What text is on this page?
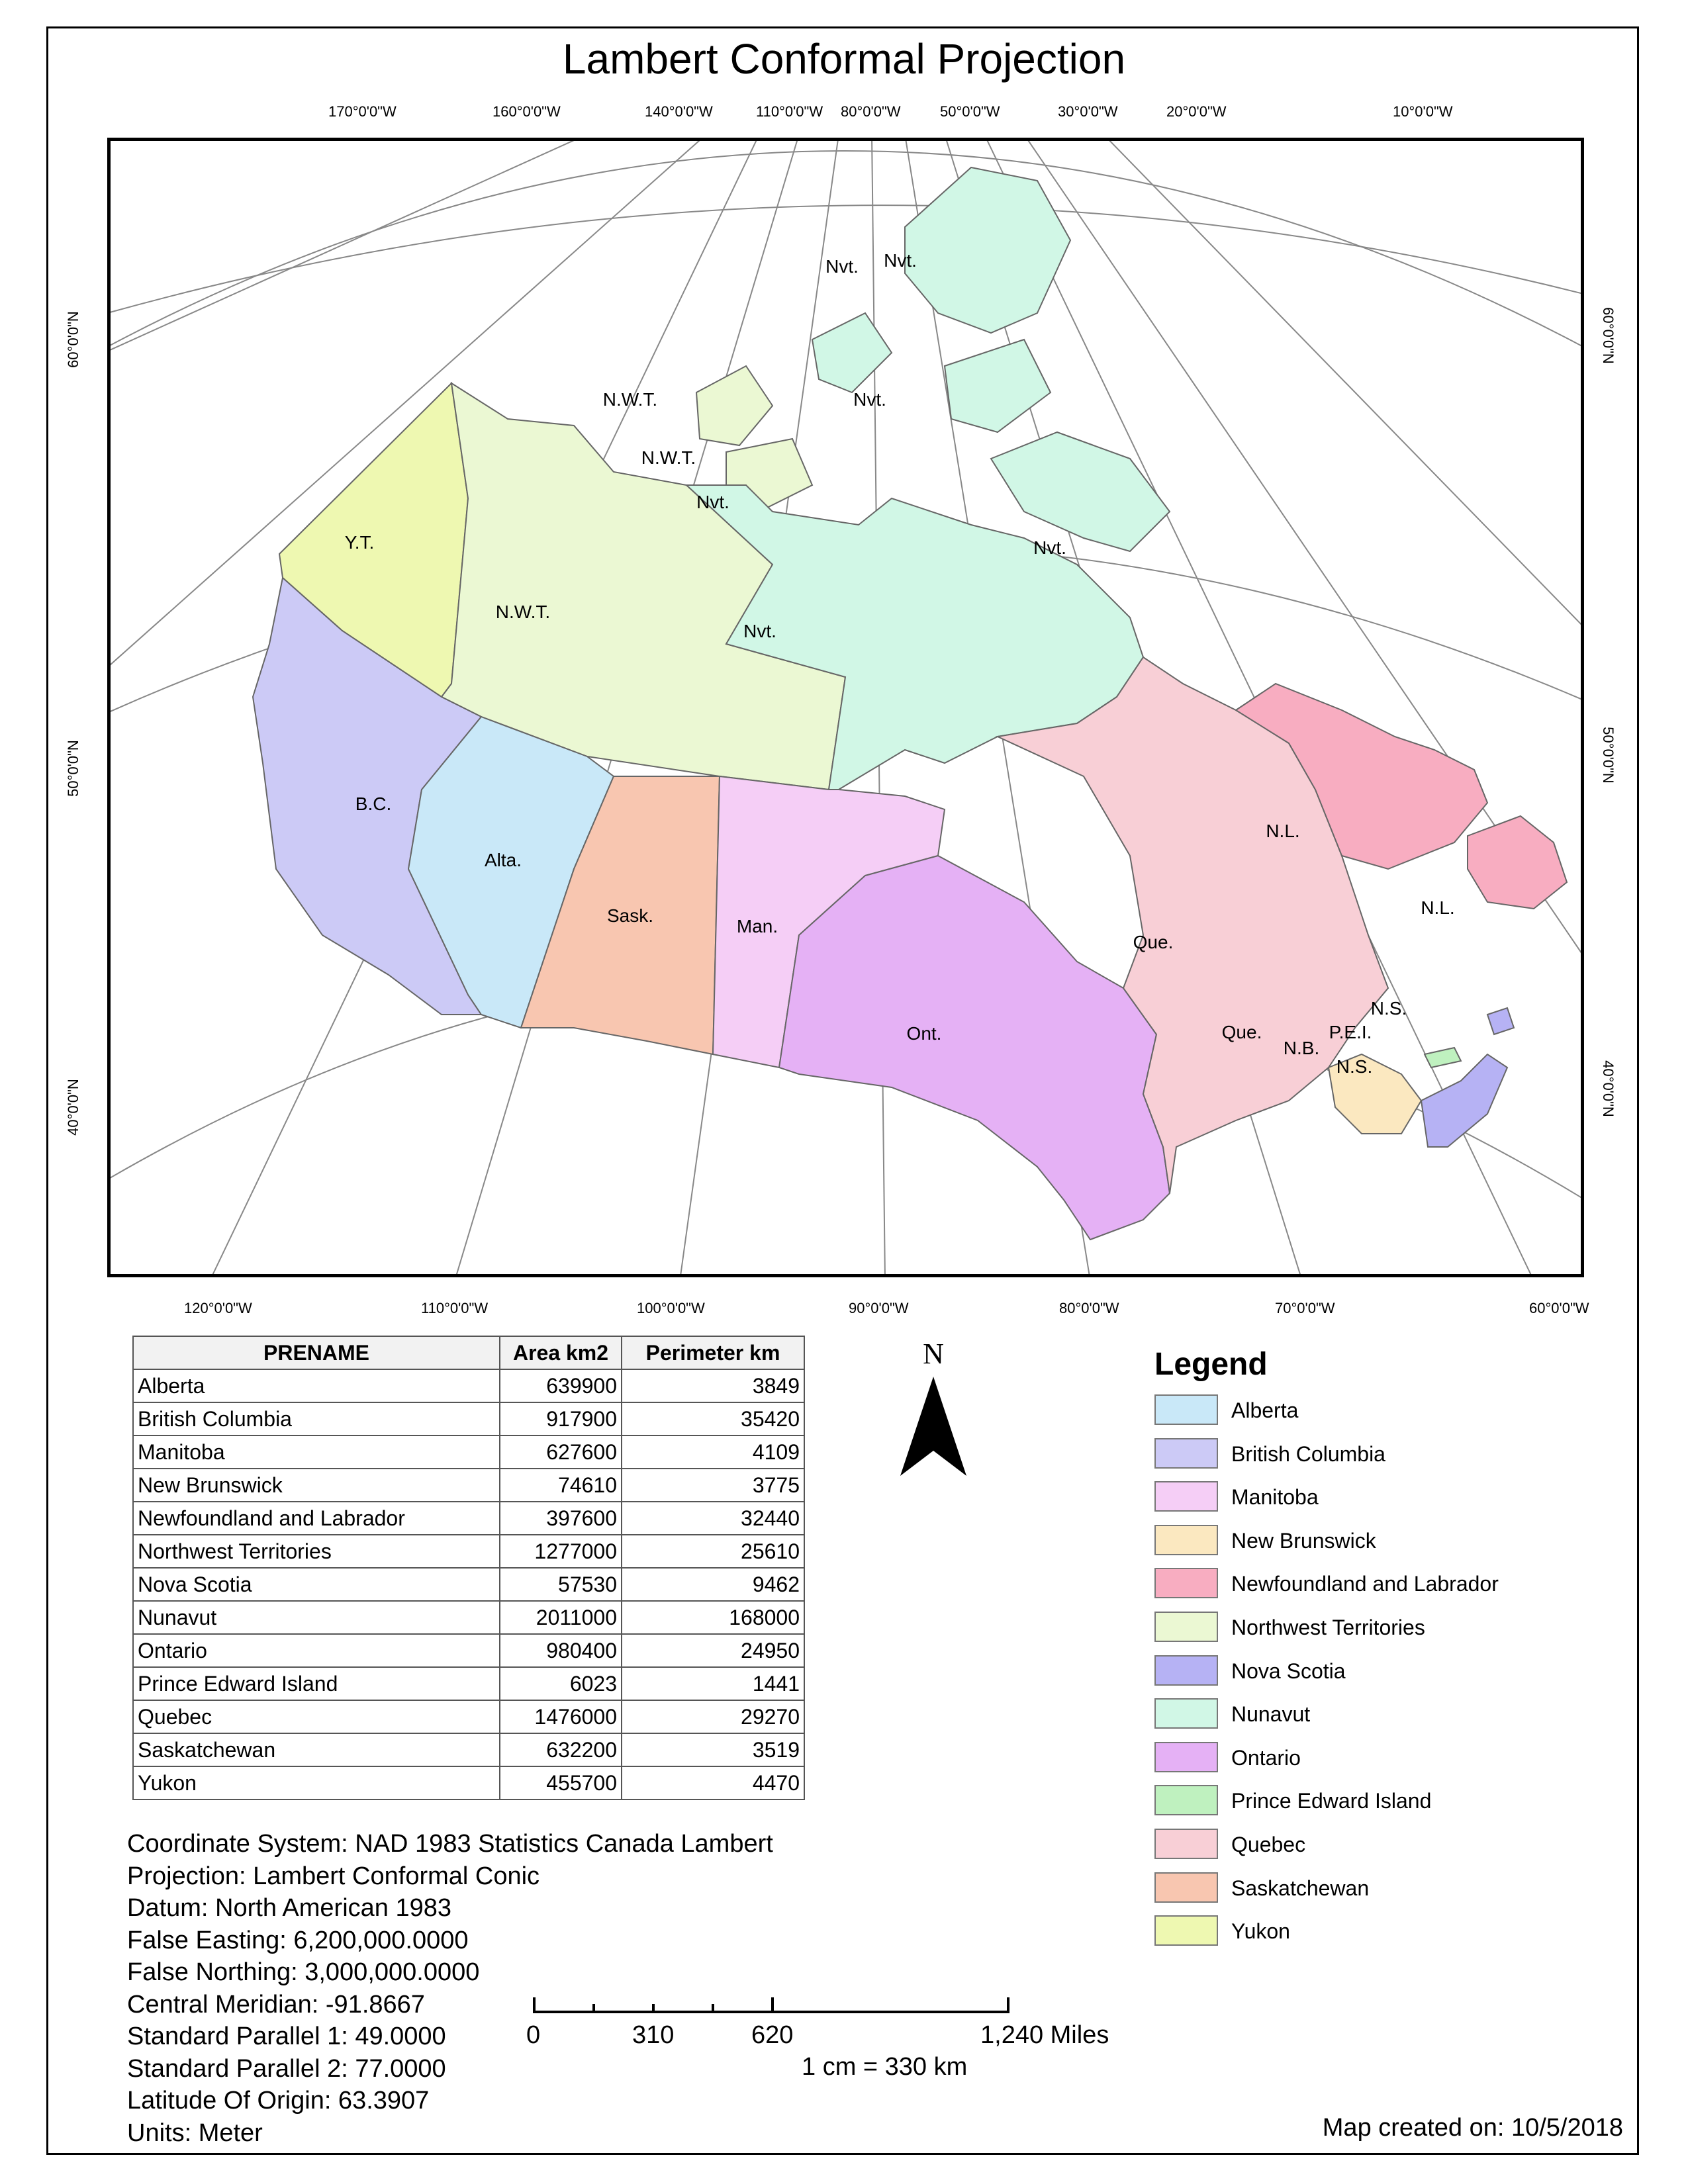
Lambert Conformal Projection
170°0'0"W	160°0'0"W	140°0'0"W	110°0'0"W 80°0'0"W	50°0'0"W	30°0'0"W	20°0'0"W	10°0'0"W
120°0'0"W	110°0'0"W	100°0'0"W	90°0'0"W	80°0'0"W	70°0'0"W	60°0'0"W
60°0'0"N
50°0'0"N
40°0'0"N
60°0'0"N
50°0'0"N
40°0'0"N
Y.T.
N.W.T.
N.W.T.
N.W.T.
Nvt.
Nvt.
Nvt.
Nvt.
Nvt. Nvt.
B.C.
Alta.
Sask.
Man.
Ont.
Que.
Que.
N.L.
N.L.
N.B.
P.E.I.
N.S.
N.S.
PRENAME	Area km2	Perimeter km
Alberta	639900	3849
British Columbia	917900	35420
Manitoba	627600	4109
New Brunswick	74610	3775
Newfoundland and Labrador	397600	32440
Northwest Territories	1277000	25610
Nova Scotia	57530	9462
Nunavut	2011000	168000
Ontario	980400	24950
Prince Edward Island	6023	1441
Quebec	1476000	29270
Saskatchewan	632200	3519
Yukon	455700	4470
N	Legend
Alberta
British Columbia
Manitoba
New Brunswick
Newfoundland and Labrador
Northwest Territories
Nova Scotia
Nunavut
Ontario
Prince Edward Island
Quebec
Saskatchewan
Yukon
Coordinate System: NAD 1983 Statistics Canada Lambert
Projection: Lambert Conformal Conic
Datum: North American 1983
False Easting: 6,200,000.0000
False Northing: 3,000,000.0000
Central Meridian: -91.8667
Standard Parallel 1: 49.0000
Standard Parallel 2: 77.0000
Latitude Of Origin: 63.3907
Units: Meter
0	310	620	1,240 Miles
1 cm = 330 km
Map created on: 10/5/2018
